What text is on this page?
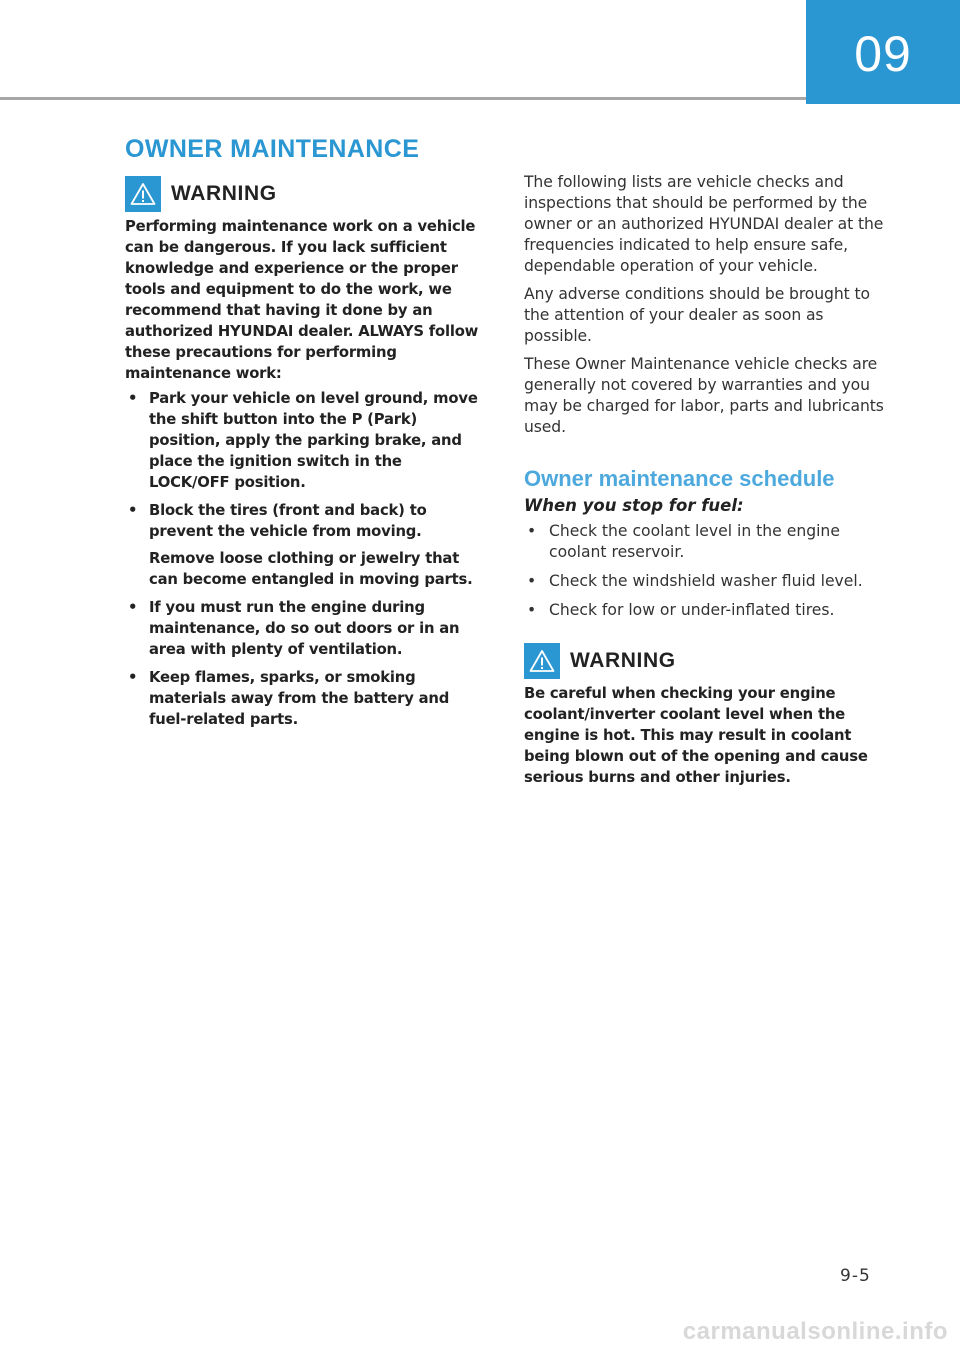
09
OWNER MAINTENANCE
WARNING

Performing maintenance work on a vehicle can be dangerous. If you lack sufficient knowledge and experience or the proper tools and equipment to do the work, we recommend that having it done by an authorized HYUNDAI dealer. ALWAYS follow these precautions for performing maintenance work:

• Park your vehicle on level ground, move the shift button into the P (Park) position, apply the parking brake, and place the ignition switch in the LOCK/OFF position.
• Block the tires (front and back) to prevent the vehicle from moving.
Remove loose clothing or jewelry that can become entangled in moving parts.
• If you must run the engine during maintenance, do so out doors or in an area with plenty of ventilation.
• Keep flames, sparks, or smoking materials away from the battery and fuel-related parts.

The following lists are vehicle checks and inspections that should be performed by the owner or an authorized HYUNDAI dealer at the frequencies indicated to help ensure safe, dependable operation of your vehicle.

Any adverse conditions should be brought to the attention of your dealer as soon as possible.

These Owner Maintenance vehicle checks are generally not covered by warranties and you may be charged for labor, parts and lubricants used.

Owner maintenance schedule
When you stop for fuel:
• Check the coolant level in the engine coolant reservoir.
• Check the windshield washer fluid level.
• Check for low or under-inflated tires.
WARNING

Be careful when checking your engine coolant/inverter coolant level when the engine is hot. This may result in coolant being blown out of the opening and cause serious burns and other injuries.

9-5
carmanualsonline.info
